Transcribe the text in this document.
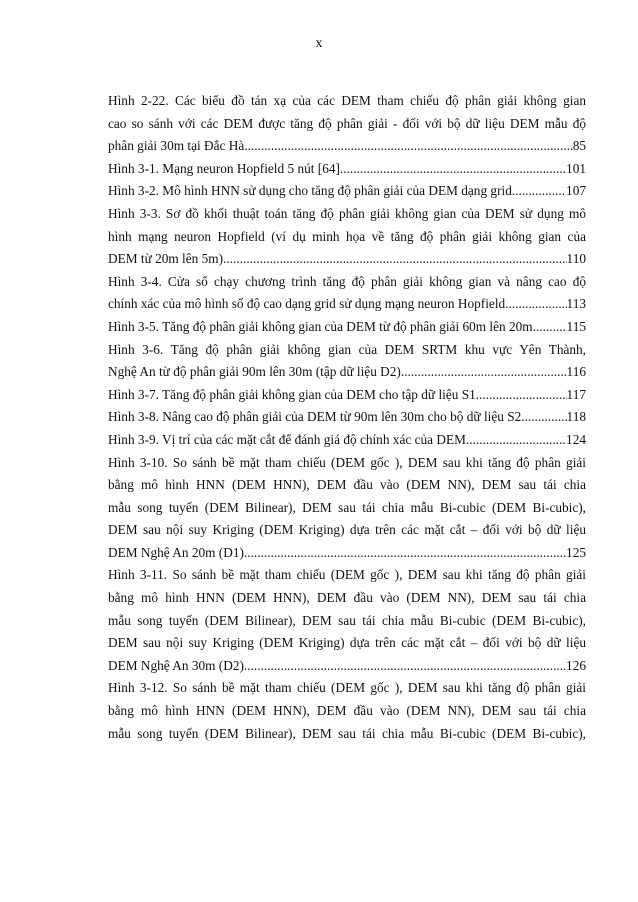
x
Hình 2-22. Các biểu đồ tán xạ của các DEM tham chiếu độ phân giải không gian
cao so sánh với các DEM được tăng độ phân giải - đối với bộ dữ liệu DEM mẫu độ
phân giải 30m tại Đắc Hà .....	85
Hình 3-1. Mạng neuron Hopfield 5 nút [64] .....	101
Hình 3-2. Mô hình HNN sử dụng cho tăng độ phân giải của DEM dạng grid .....	107
Hình 3-3. Sơ đồ khối thuật toán tăng độ phân giải không gian của DEM sử dụng mô
hình mạng neuron Hopfield (ví dụ minh họa về tăng độ phân giải không gian của
DEM từ 20m lên 5m) .....	110
Hình 3-4. Cửa sổ chạy chương trình tăng độ phân giải không gian và nâng cao độ
chính xác của mô hình số độ cao dạng grid sử dụng mạng neuron Hopfield .....	113
Hình 3-5. Tăng độ phân giải không gian của DEM từ độ phân giải 60m lên 20m. ..... 115
Hình 3-6. Tăng độ phân giải không gian của DEM SRTM khu vực Yên Thành,
Nghệ An từ độ phân giải 90m lên 30m (tập dữ liệu D2) .....	116
Hình 3-7. Tăng độ phân giải không gian của DEM cho tập dữ liệu S1 .....	117
Hình 3-8. Nâng cao độ phân giải của DEM từ 90m lên 30m cho bộ dữ liệu S2 .....	118
Hình 3-9. Vị trí của các mặt cắt để đánh giá độ chính xác của DEM .....	124
Hình 3-10. So sánh bề mặt tham chiếu (DEM gốc ), DEM sau khi tăng độ phân giải
bằng mô hình HNN (DEM HNN), DEM đầu vào (DEM NN), DEM sau tái chia
mẫu song tuyến (DEM Bilinear), DEM sau tái chia mẫu Bi-cubic (DEM Bi-cubic),
DEM sau nội suy Kriging (DEM Kriging) dựa trên các mặt cắt – đối với bộ dữ liệu
DEM Nghệ An 20m (D1) .....	125
Hình 3-11. So sánh bề mặt tham chiếu (DEM gốc ), DEM sau khi tăng độ phân giải
bằng mô hình HNN (DEM HNN), DEM đầu vào (DEM NN), DEM sau tái chia
mẫu song tuyến (DEM Bilinear), DEM sau tái chia mẫu Bi-cubic (DEM Bi-cubic),
DEM sau nội suy Kriging (DEM Kriging) dựa trên các mặt cắt – đối với bộ dữ liệu
DEM Nghệ An 30m (D2) .....	126
Hình 3-12. So sánh bề mặt tham chiếu (DEM gốc ), DEM sau khi tăng độ phân giải
bằng mô hình HNN (DEM HNN), DEM đầu vào (DEM NN), DEM sau tái chia
mẫu song tuyến (DEM Bilinear), DEM sau tái chia mẫu Bi-cubic (DEM Bi-cubic),
